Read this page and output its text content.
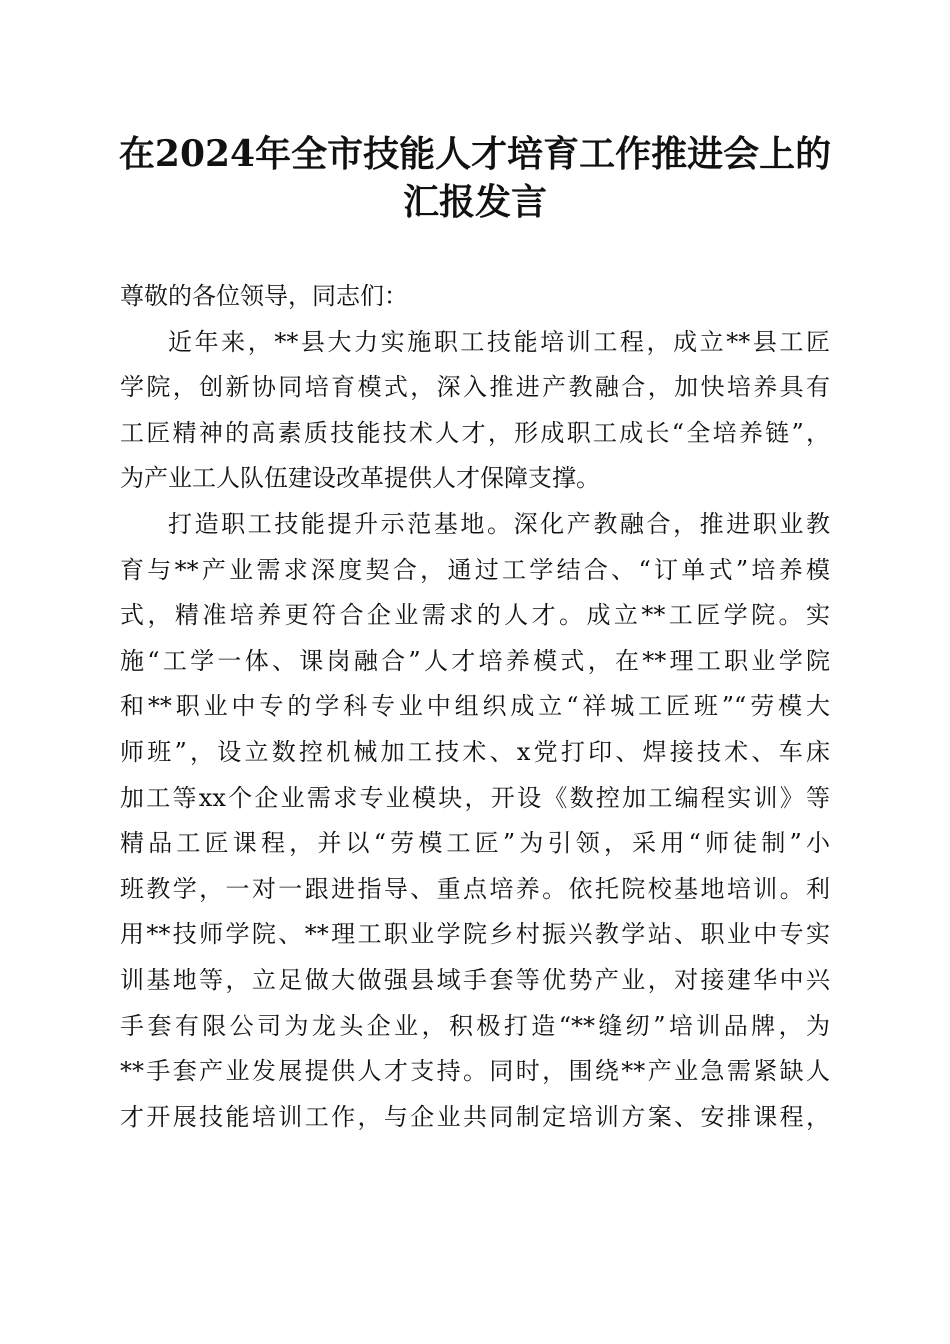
在2024年全市技能人才培育工作推进会上的
汇报发言
尊敬的各位领导，同志们：
近年来，**县大力实施职工技能培训工程，成立**县工匠
学院，创新协同培育模式，深入推进产教融合，加快培养具有
工匠精神的高素质技能技术人才，形成职工成长“全培养链”，
为产业工人队伍建设改革提供人才保障支撑。
打造职工技能提升示范基地。深化产教融合，推进职业教
育与**产业需求深度契合，通过工学结合、“订单式”培养模
式，精准培养更符合企业需求的人才。成立**工匠学院。实
施“工学一体、课岗融合”人才培养模式，在**理工职业学院
和**职业中专的学科专业中组织成立“祥城工匠班”“劳模大
师班”，设立数控机械加工技术、x党打印、焊接技术、车床
加工等xx个企业需求专业模块，开设《数控加工编程实训》等
精品工匠课程，并以“劳模工匠”为引领，采用“师徒制”小
班教学，一对一跟进指导、重点培养。依托院校基地培训。利
用**技师学院、**理工职业学院乡村振兴教学站、职业中专实
训基地等，立足做大做强县域手套等优势产业，对接建华中兴
手套有限公司为龙头企业，积极打造“**缝纫”培训品牌，为
**手套产业发展提供人才支持。同时，围绕**产业急需紧缺人
才开展技能培训工作，与企业共同制定培训方案、安排课程，
